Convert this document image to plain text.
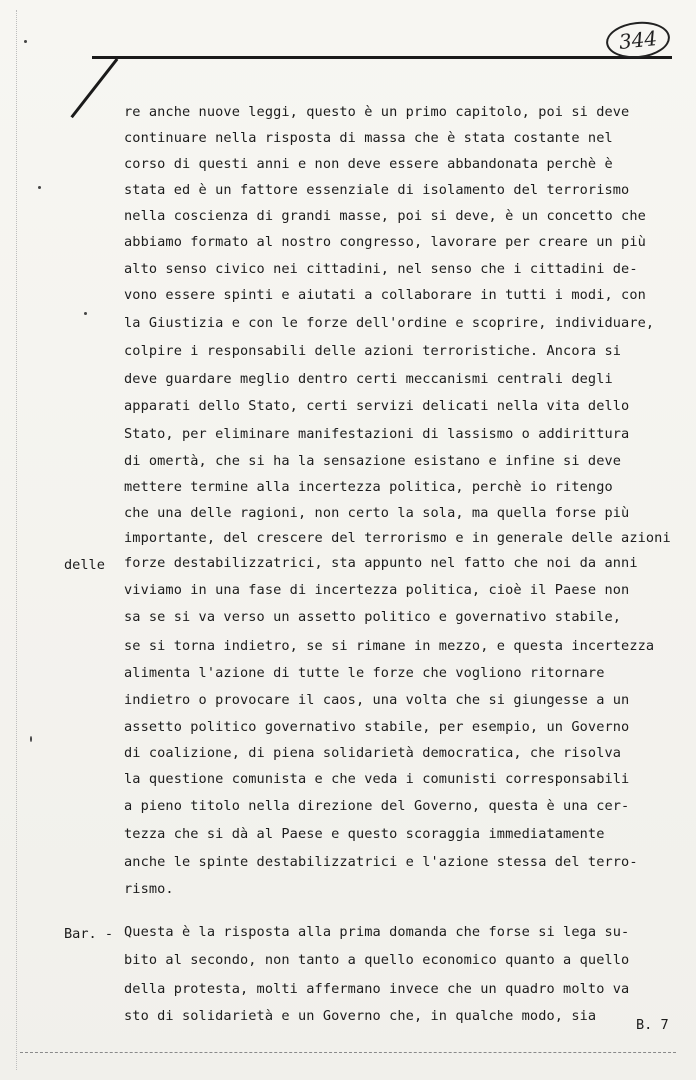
344
re anche nuove leggi, questo è un primo capitolo, poi si deve
continuare nella risposta di massa che è stata costante nel
corso di questi anni e non deve essere abbandonata perchè è
stata ed è un fattore essenziale di isolamento del terrorismo
nella coscienza di grandi masse, poi si deve, è un concetto che
abbiamo formato al nostro congresso, lavorare per creare un più
alto senso civico nei cittadini, nel senso che i cittadini de-
vono essere spinti e aiutati a collaborare in tutti i modi, con
la Giustizia e con le forze dell'ordine e scoprire, individuare,
colpire i responsabili delle azioni terroristiche. Ancora si
deve guardare meglio dentro certi meccanismi centrali degli
apparati dello Stato, certi servizi delicati nella vita dello
Stato, per eliminare manifestazioni di lassismo o addirittura
di omertà, che si ha la sensazione esistano e infine si deve
mettere termine alla incertezza politica, perchè io ritengo
che una delle ragioni, non certo la sola, ma quella forse più
importante, del crescere del terrorismo e in generale delle azioni
delle forze destabilizzatrici, sta appunto nel fatto che noi da anni
viviamo in una fase di incertezza politica, cioè il Paese non
sa se si va verso un assetto politico e governativo stabile,
se si torna indietro, se si rimane in mezzo, e questa incertezza
alimenta l'azione di tutte le forze che vogliono ritornare
indietro o provocare il caos, una volta che si giungesse a un
assetto politico governativo stabile, per esempio, un Governo
di coalizione, di piena solidarietà democratica, che risolva
la questione comunista e che veda i comunisti corresponsabili
a pieno titolo nella direzione del Governo, questa è una cer-
tezza che si dà al Paese e questo scoraggia immediatamente
anche le spinte destabilizzatrici e l'azione stessa del terro-
rismo.
Bar. - Questa è la risposta alla prima domanda che forse si lega su-
bito al secondo, non tanto a quello economico quanto a quello
della protesta, molti affermano invece che un quadro molto va
sto di solidarietà e un Governo che, in qualche modo, sia
B. 7
